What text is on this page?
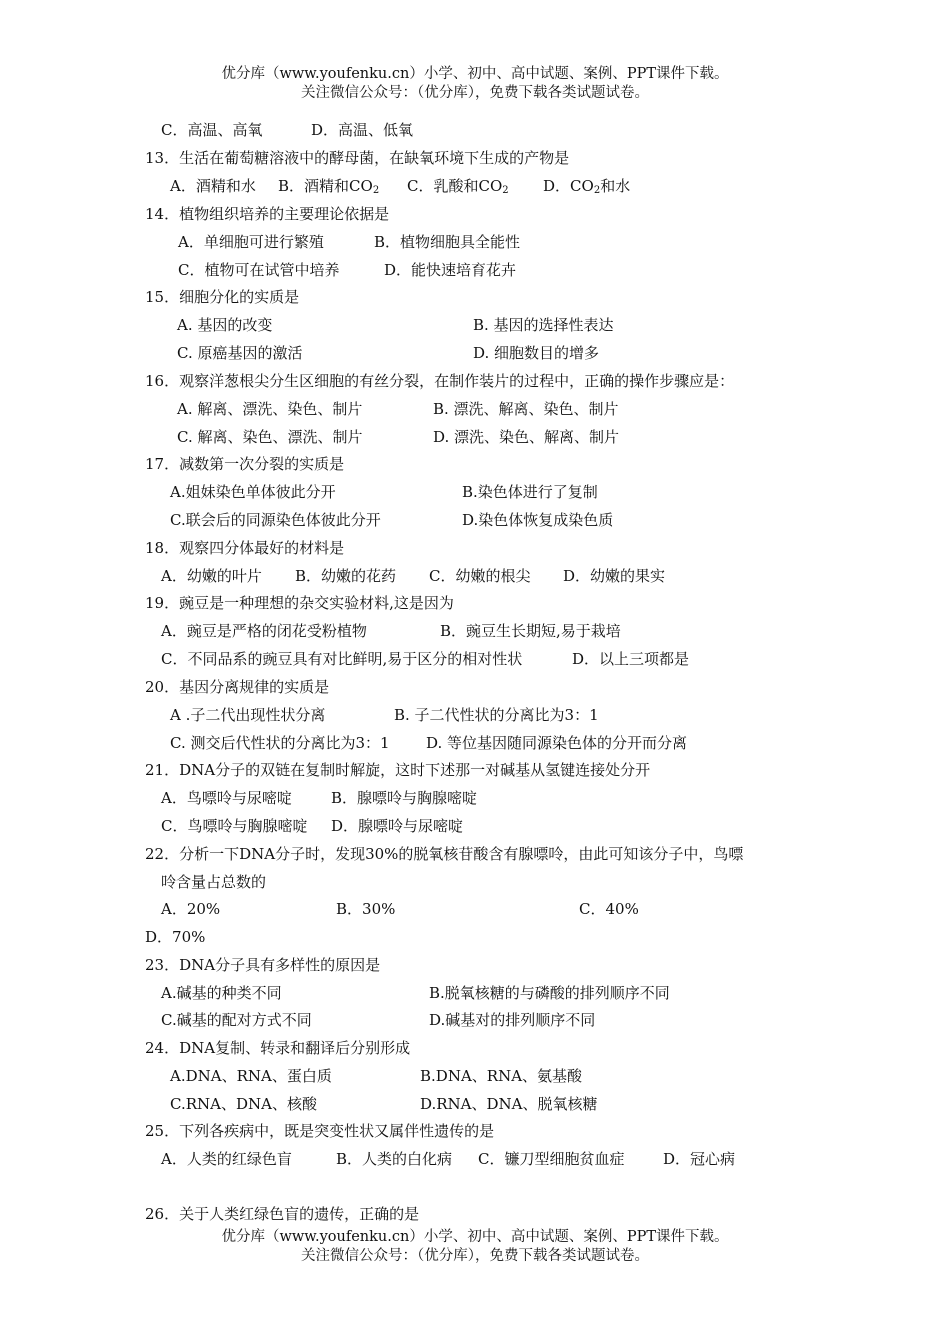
优分库（www.youfenku.cn）小学、初中、高中试题、案例、PPT课件下载。
关注微信公众号：（优分库），免费下载各类试题试卷。
C．高温、高氧	D．高温、低氧
13．生活在葡萄糖溶液中的酵母菌，在缺氧环境下生成的产物是
A．酒精和水 B．酒精和$CO_2$ C．乳酸和$CO_2$ D．$CO_2$和水
14．植物组织培养的主要理论依据是
A．单细胞可进行繁殖	B．植物细胞具全能性
C．植物可在试管中培养	D．能快速培育花卉
15．细胞分化的实质是
A. 基因的改变	B. 基因的选择性表达
C. 原癌基因的激活	D. 细胞数目的增多
16．观察洋葱根尖分生区细胞的有丝分裂，在制作装片的过程中，正确的操作步骤应是：
A. 解离、漂洗、染色、制片	B. 漂洗、解离、染色、制片
C. 解离、染色、漂洗、制片	D. 漂洗、染色、解离、制片
17．减数第一次分裂的实质是
A.姐妹染色单体彼此分开	B.染色体进行了复制
C.联会后的同源染色体彼此分开	D.染色体恢复成染色质
18．观察四分体最好的材料是
A．幼嫩的叶片 B．幼嫩的花药 C．幼嫩的根尖 D．幼嫩的果实
19．豌豆是一种理想的杂交实验材料,这是因为
A．豌豆是严格的闭花受粉植物	B．豌豆生长期短,易于栽培
C．不同品系的豌豆具有对比鲜明,易于区分的相对性状	D．以上三项都是
20．基因分离规律的实质是
A .子二代出现性状分离	B. 子二代性状的分离比为3：1
C. 测交后代性状的分离比为3：1 D. 等位基因随同源染色体的分开而分离
21．DNA分子的双链在复制时解旋，这时下述那一对碱基从氢键连接处分开
A．鸟嘌呤与尿嘧啶	B．腺嘌呤与胸腺嘧啶
C．鸟嘌呤与胸腺嘧啶 D．腺嘌呤与尿嘧啶
22．分析一下DNA分子时，发现30%的脱氧核苷酸含有腺嘌呤，由此可知该分子中，鸟嘌
呤含量占总数的
A．20%	B．30%	C．40%
D．70%
23．DNA分子具有多样性的原因是
A.碱基的种类不同	B.脱氧核糖的与磷酸的排列顺序不同
C.碱基的配对方式不同	D.碱基对的排列顺序不同
24．DNA复制、转录和翻译后分别形成
A.DNA、RNA、蛋白质	B.DNA、RNA、氨基酸
C.RNA、DNA、核酸	D.RNA、DNA、脱氧核糖
25．下列各疾病中，既是突变性状又属伴性遗传的是
A．人类的红绿色盲	B．人类的白化病 C．镰刀型细胞贫血症	D．冠心病
26．关于人类红绿色盲的遗传，正确的是
优分库（www.youfenku.cn）小学、初中、高中试题、案例、PPT课件下载。
关注微信公众号：（优分库），免费下载各类试题试卷。
